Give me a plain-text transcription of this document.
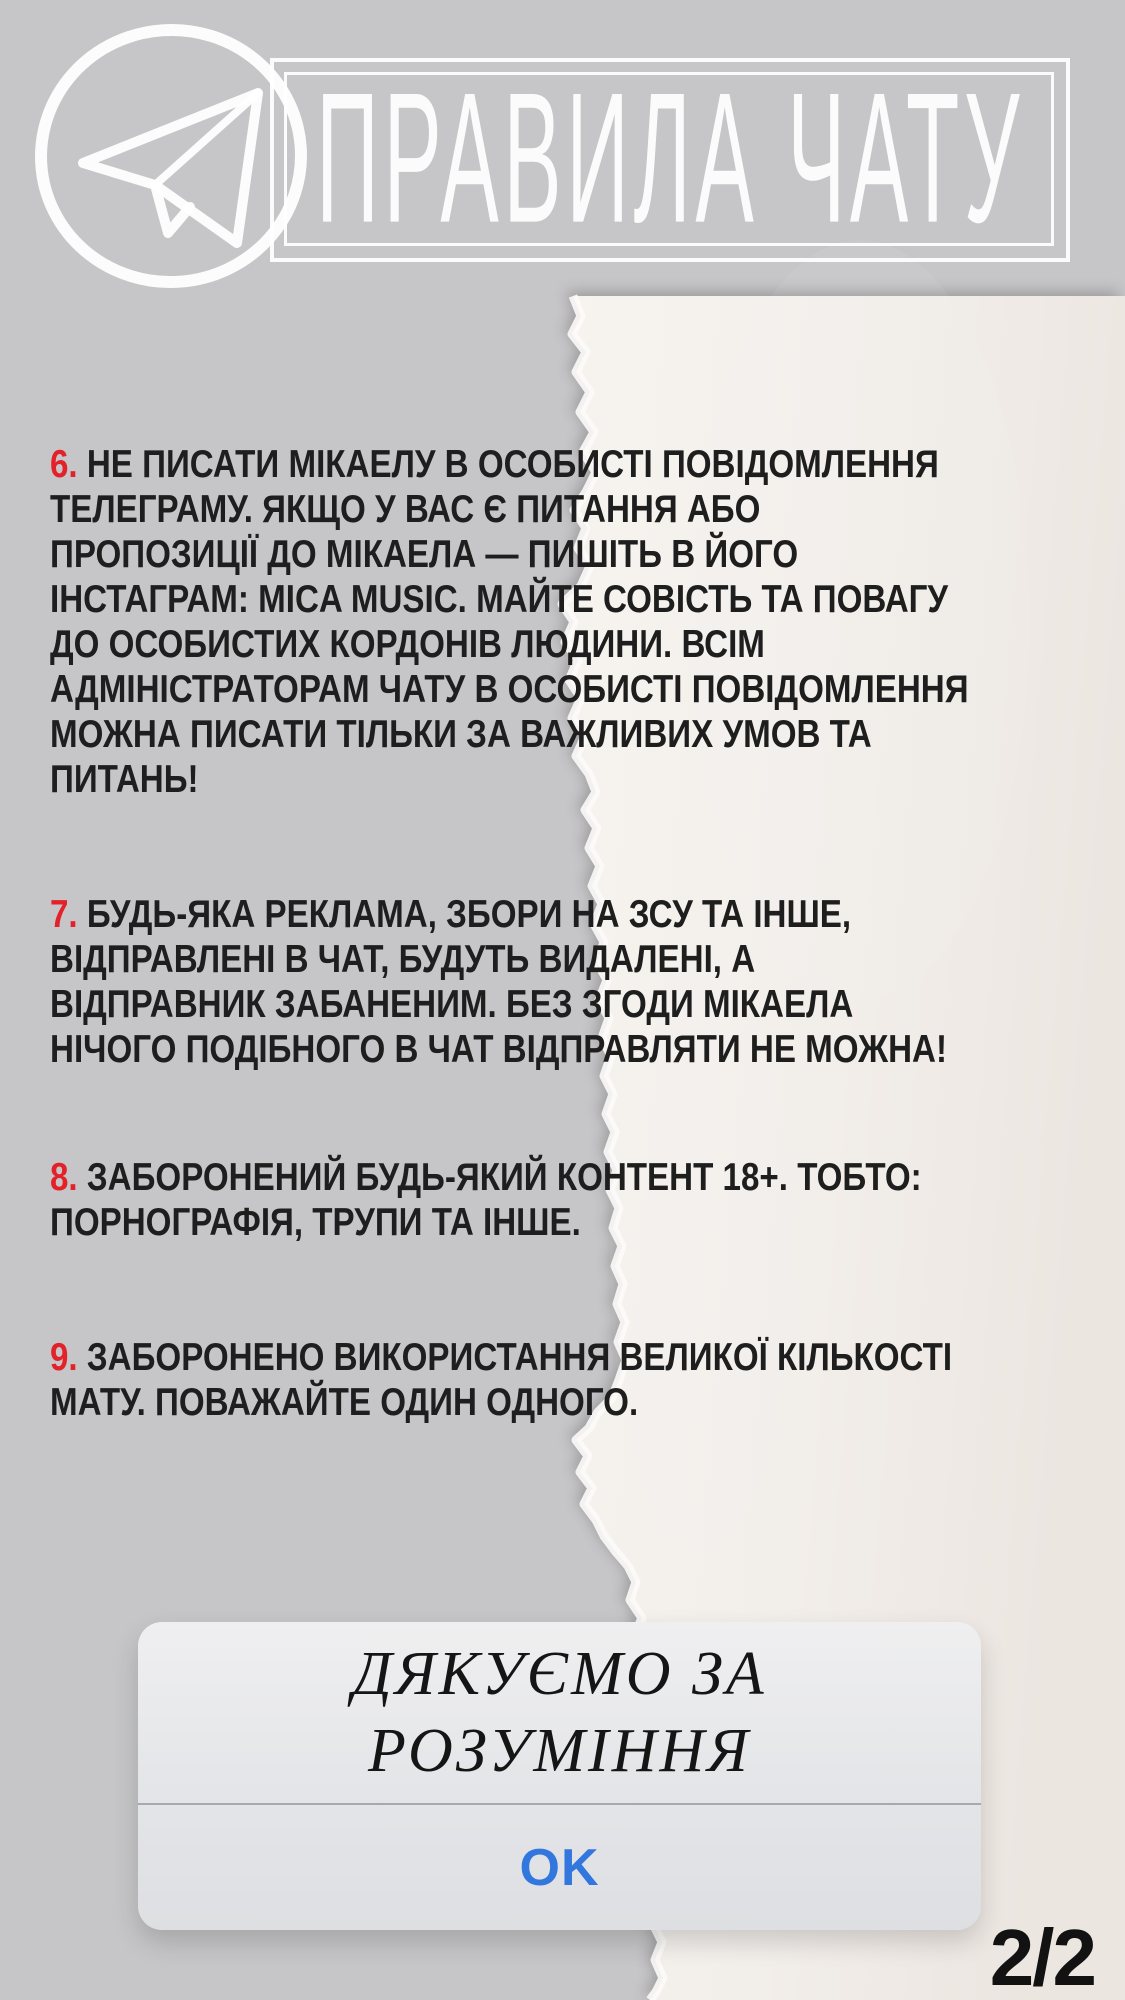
ПРАВИЛА ЧАТУ
6. НЕ ПИСАТИ МІКАЕЛУ В ОСОБИСТІ ПОВІДОМЛЕННЯ
ТЕЛЕГРАМУ. ЯКЩО У ВАС Є ПИТАННЯ АБО
ПРОПОЗИЦІЇ ДО МІКАЕЛА — ПИШІТЬ В ЙОГО
ІНСТАГРАМ: MICA MUSIC. МАЙТЕ СОВІСТЬ ТА ПОВАГУ
ДО ОСОБИСТИХ КОРДОНІВ ЛЮДИНИ. ВСІМ
АДМІНІСТРАТОРАМ ЧАТУ В ОСОБИСТІ ПОВІДОМЛЕННЯ
МОЖНА ПИСАТИ ТІЛЬКИ ЗА ВАЖЛИВИХ УМОВ ТА
ПИТАНЬ!
7. БУДЬ-ЯКА РЕКЛАМА, ЗБОРИ НА ЗСУ ТА ІНШЕ,
ВІДПРАВЛЕНІ В ЧАТ, БУДУТЬ ВИДАЛЕНІ, А
ВІДПРАВНИК ЗАБАНЕНИМ. БЕЗ ЗГОДИ МІКАЕЛА
НІЧОГО ПОДІБНОГО В ЧАТ ВІДПРАВЛЯТИ НЕ МОЖНА!
8. ЗАБОРОНЕНИЙ БУДЬ-ЯКИЙ КОНТЕНТ 18+. ТОБТО:
ПОРНОГРАФІЯ, ТРУПИ ТА ІНШЕ.
9. ЗАБОРОНЕНО ВИКОРИСТАННЯ ВЕЛИКОЇ КІЛЬКОСТІ
МАТУ. ПОВАЖАЙТЕ ОДИН ОДНОГО.
ДЯКУЄМО ЗА
РОЗУМІННЯ
OK
2/2
